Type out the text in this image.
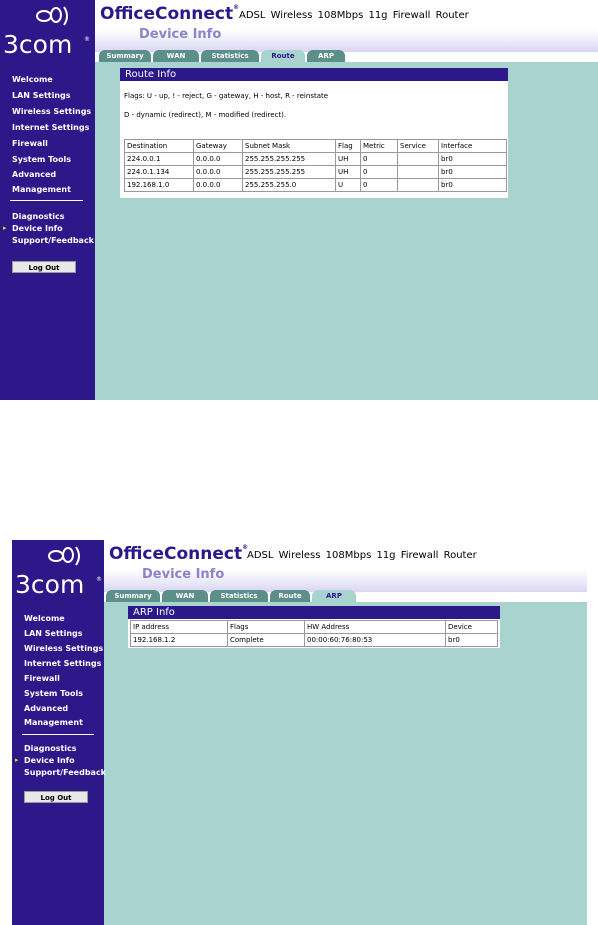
3com ®
Welcome
LAN Settings
Wireless Settings
Internet Settings
Firewall
System Tools
Advanced
Management
Diagnostics
▸ Device Info
Support/Feedback
Log Out
OfficeConnect®
ADSL Wireless 108Mbps 11g Firewall Router
Device Info
Summary	WAN	Statistics	Route	ARP
Route Info
Flags: U - up, ! - reject, G - gateway, H - host, R - reinstate
D - dynamic (redirect), M - modified (redirect).
Destination	Gateway	Subnet Mask	Flag	Metric	Service	Interface
224.0.0.1	0.0.0.0	255.255.255.255	UH	0		br0
224.0.1.134	0.0.0.0	255.255.255.255	UH	0		br0
192.168.1.0	0.0.0.0	255.255.255.0	U	0		br0
3com ®
Welcome
LAN Settings
Wireless Settings
Internet Settings
Firewall
System Tools
Advanced
Management
Diagnostics
▸ Device Info
Support/Feedback
Log Out
OfficeConnect®
ADSL Wireless 108Mbps 11g Firewall Router
Device Info
Summary	WAN	Statistics	Route	ARP
ARP Info
IP address	Flags	HW Address	Device
192.168.1.2	Complete	00:00:60:76:80:53	br0
